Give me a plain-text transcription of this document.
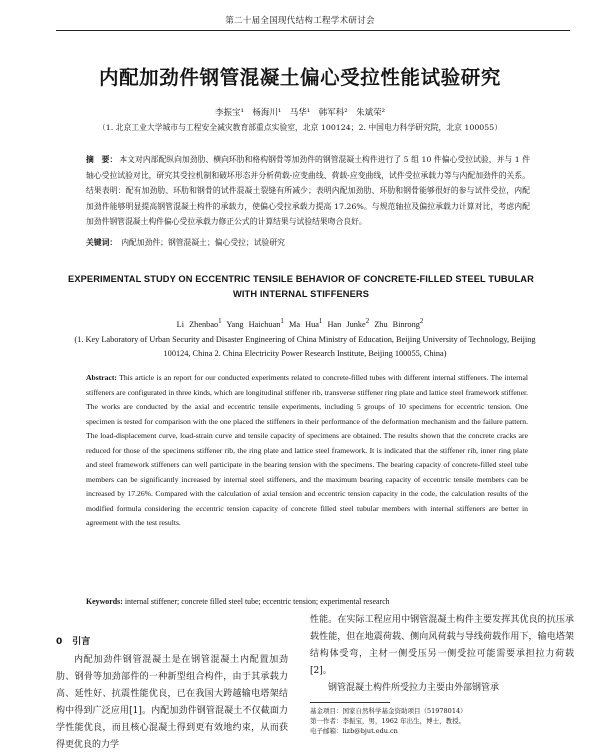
第二十届全国现代结构工程学术研讨会
内配加劲件钢管混凝土偏心受拉性能试验研究
李振宝¹　杨海川¹　马华¹　韩军科²　朱斌荣²
（1. 北京工业大学城市与工程安全减灾教育部重点实验室，北京 100124；2. 中国电力科学研究院，北京 100055）
摘　要： 本文对内部配纵向加劲肋、横向环肋和格构钢骨等加劲件的钢管混凝土构件进行了 5 组 10 件偏心受拉试验，并与 1 件轴心受拉试验对比，研究其受拉机制和破坏形态并分析荷载-应变曲线、荷载-应变曲线，试件受拉承载力等与内配加劲件的关系。结果表明：配有加劲肋、环肋和钢骨的试件混凝土裂缝有所减少；表明内配加劲肋、环肋和钢骨能够很好的参与试件受拉，内配加劲件能够明显提高钢管混凝土构件的承载力，使偏心受拉承载力提高 17.26%。与规范轴拉及偏拉承载力计算对比，考虑内配加劲件钢管混凝土构件偏心受拉承载力修正公式的计算结果与试验结果吻合良好。
关键词： 内配加劲件；钢管混凝土；偏心受拉；试验研究
EXPERIMENTAL STUDY ON ECCENTRIC TENSILE BEHAVIOR OF CONCRETE-FILLED STEEL TUBULAR WITH INTERNAL STIFFENERS
Li Zhenbao$^1$ Yang Haichuan$^1$ Ma Hua$^1$ Han Junke$^2$ Zhu Binrong$^2$
(1. Key Laboratory of Urban Security and Disaster Engineering of China Ministry of Education, Beijing University of Technology, Beijing 100124, China 2. China Electricity Power Research Institute, Beijing 100055, China)
Abstract: This article is an report for our conducted experiments related to concrete-filled tubes with different internal stiffeners. The internal stiffeners are configurated in three kinds, which are longitudinal stiffener rib, transverse stiffener ring plate and lattice steel framework stiffener. The works are conducted by the axial and eccentric tensile experiments, including 5 groups of 10 specimens for eccentric tension. One specimen is tested for comparison with the one placed the stiffeners in their performance of the deformation mechanism and the failure pattern. The load-displacement curve, load-strain curve and tensile capacity of specimens are obtained. The results shown that the concrete cracks are reduced for those of the specimens stiffener rib, the ring plate and lattice steel framework. It is indicated that the stiffener rib, inner ring plate and steel framework stiffeners can well participate in the bearing tension with the specimens. The bearing capacity of concrete-filled steel tube members can be significantly increased by internal steel stiffeners, and the maximum bearing capacity of eccentric tensile members can be increased by 17.26%. Compared with the calculation of axial tension and eccentric tension capacity in the code, the calculation results of the modified formula considering the eccentric tension capacity of concrete filled steel tubular members with internal stiffeners are better in agreement with the test results.
Keywords: internal stiffener; concrete filled steel tube; eccentric tension; experimental research
0 引言

内配加劲件钢管混凝土是在钢管混凝土内配置加劲肋、钢骨等加劲部件的一种新型组合构件，由于其承载力高、延性好、抗震性能优良，已在我国大跨越输电塔架结构中得到广泛应用[1]。内配加劲件钢管混凝土不仅截面力学性能优良，而且核心混凝土得到更有效地约束，从而获得更优良的力学

性能。在实际工程应用中钢管混凝土构件主要发挥其优良的抗压承载性能，但在地震荷载、侧向风荷载与导线荷载作用下，输电塔架结构体受弯，主材一侧受压另一侧受拉可能需要承担拉力荷载[2]。

钢管混凝土构件所受拉力主要由外部钢管承

基金项目：国家自然科学基金资助项目（51978014）
第一作者：李振宝，男，1962 年出生，博士，教授。
电子邮箱：lizb@bjut.edu.cn
